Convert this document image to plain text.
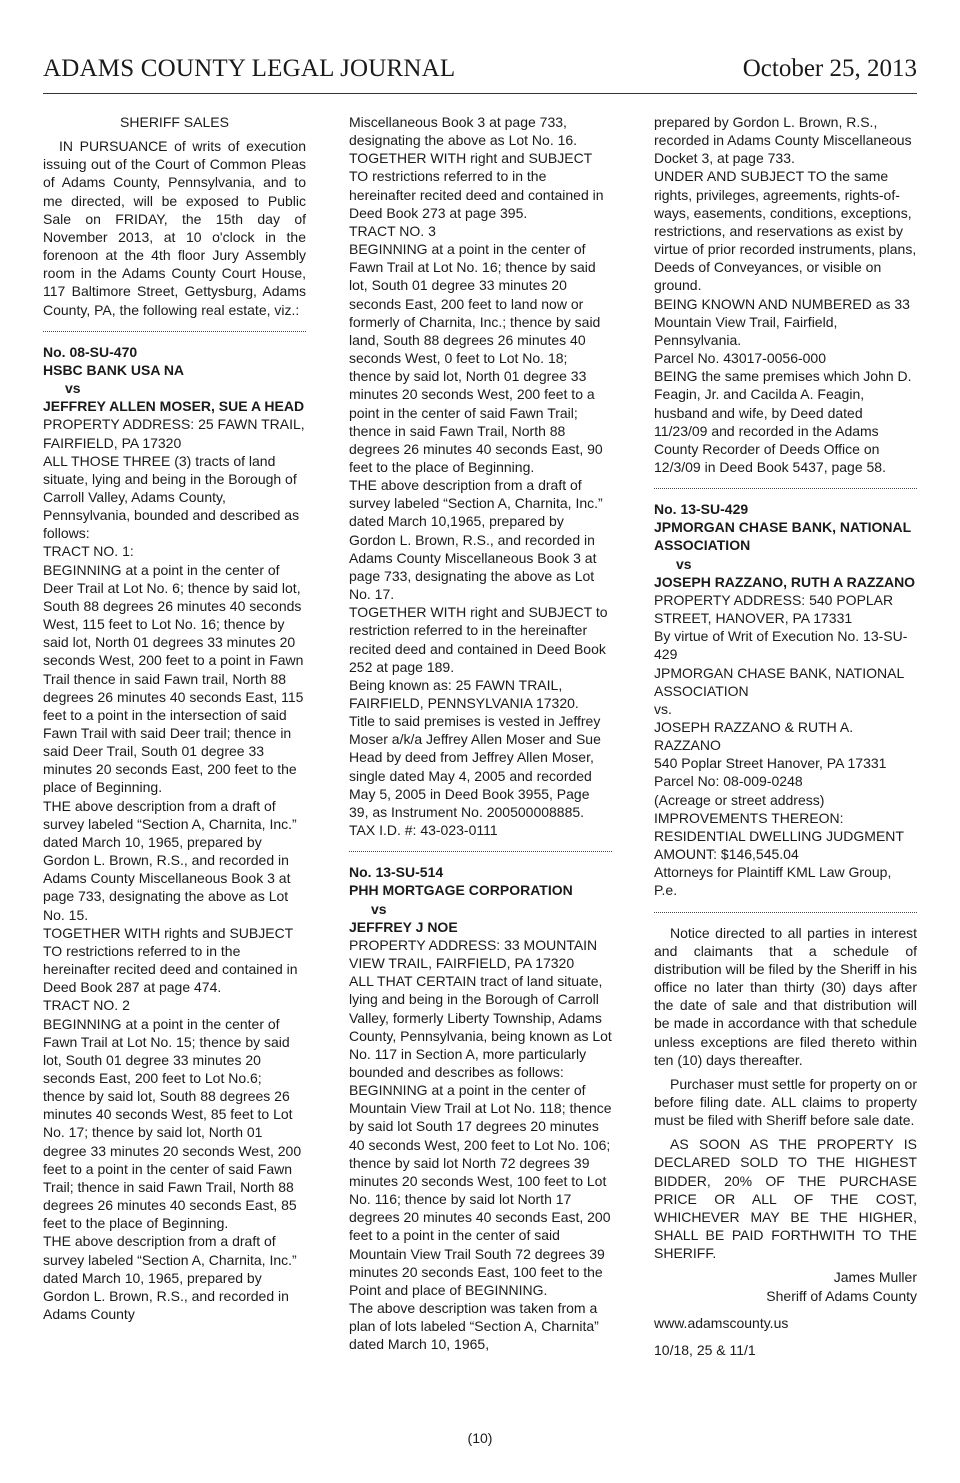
ADAMS COUNTY LEGAL JOURNAL	October 25, 2013

SHERIFF SALES

IN PURSUANCE of writs of execution issuing out of the Court of Common Pleas of Adams County, Pennsylvania, and to me directed, will be exposed to Public Sale on FRIDAY, the 15th day of November 2013, at 10 o'clock in the forenoon at the 4th floor Jury Assembly room in the Adams County Court House, 117 Baltimore Street, Gettysburg, Adams County, PA, the following real estate, viz.:

No. 08-SU-470

HSBC BANK USA NA

vs

JEFFREY ALLEN MOSER, SUE A HEAD

PROPERTY ADDRESS: 25 FAWN TRAIL, FAIRFIELD, PA 17320

ALL THOSE THREE (3) tracts of land situate, lying and being in the Borough of Carroll Valley, Adams County, Pennsylvania, bounded and described as follows:

TRACT NO. 1:

BEGINNING at a point in the center of Deer Trail at Lot No. 6; thence by said lot, South 88 degrees 26 minutes 40 seconds West, 115 feet to Lot No. 16; thence by said lot, North 01 degrees 33 minutes 20 seconds West, 200 feet to a point in Fawn Trail thence in said Fawn trail, North 88 degrees 26 minutes 40 seconds East, 115 feet to a point in the intersection of said Fawn Trail with said Deer trail; thence in said Deer Trail, South 01 degree 33 minutes 20 seconds East, 200 feet to the place of Beginning.

THE above description from a draft of survey labeled “Section A, Charnita, Inc.” dated March 10, 1965, prepared by Gordon L. Brown, R.S., and recorded in Adams County Miscellaneous Book 3 at page 733, designating the above as Lot No. 15.

TOGETHER WITH rights and SUBJECT TO restrictions referred to in the hereinafter recited deed and contained in Deed Book 287 at page 474.

TRACT NO. 2

BEGINNING at a point in the center of Fawn Trail at Lot No. 15; thence by said lot, South 01 degree 33 minutes 20 seconds East, 200 feet to Lot No.6; thence by said lot, South 88 degrees 26 minutes 40 seconds West, 85 feet to Lot No. 17; thence by said lot, North 01 degree 33 minutes 20 seconds West, 200 feet to a point in the center of said Fawn Trail; thence in said Fawn Trail, North 88 degrees 26 minutes 40 seconds East, 85 feet to the place of Beginning.

THE above description from a draft of survey labeled “Section A, Charnita, Inc.” dated March 10, 1965, prepared by Gordon L. Brown, R.S., and recorded in Adams County

Miscellaneous Book 3 at page 733, designating the above as Lot No. 16.

TOGETHER WITH right and SUBJECT TO restrictions referred to in the hereinafter recited deed and contained in Deed Book 273 at page 395.

TRACT NO. 3

BEGINNING at a point in the center of Fawn Trail at Lot No. 16; thence by said lot, South 01 degree 33 minutes 20 seconds East, 200 feet to land now or formerly of Charnita, Inc.; thence by said land, South 88 degrees 26 minutes 40 seconds West, 0 feet to Lot No. 18; thence by said lot, North 01 degree 33 minutes 20 seconds West, 200 feet to a point in the center of said Fawn Trail; thence in said Fawn Trail, North 88 degrees 26 minutes 40 seconds East, 90 feet to the place of Beginning.

THE above description from a draft of survey labeled “Section A, Charnita, Inc.” dated March 10,1965, prepared by Gordon L. Brown, R.S., and recorded in Adams County Miscellaneous Book 3 at page 733, designating the above as Lot No. 17.

TOGETHER WITH right and SUBJECT to restriction referred to in the hereinafter recited deed and contained in Deed Book 252 at page 189.

Being known as: 25 FAWN TRAIL, FAIRFIELD, PENNSYLVANIA 17320.

Title to said premises is vested in Jeffrey Moser a/k/a Jeffrey Allen Moser and Sue Head by deed from Jeffrey Allen Moser, single dated May 4, 2005 and recorded May 5, 2005 in Deed Book 3955, Page 39, as Instrument No. 200500008885.

TAX I.D. #: 43-023-0111

No. 13-SU-514

PHH MORTGAGE CORPORATION

vs

JEFFREY J NOE

PROPERTY ADDRESS: 33 MOUNTAIN VIEW TRAIL, FAIRFIELD, PA 17320

ALL THAT CERTAIN tract of land situate, lying and being in the Borough of Carroll Valley, formerly Liberty Township, Adams County, Pennsylvania, being known as Lot No. 117 in Section A, more particularly bounded and describes as follows:

BEGINNING at a point in the center of Mountain View Trail at Lot No. 118; thence by said lot South 17 degrees 20 minutes 40 seconds West, 200 feet to Lot No. 106; thence by said lot North 72 degrees 39 minutes 20 seconds West, 100 feet to Lot No. 116; thence by said lot North 17 degrees 20 minutes 40 seconds East, 200 feet to a point in the center of said Mountain View Trail South 72 degrees 39 minutes 20 seconds East, 100 feet to the Point and place of BEGINNING.

The above description was taken from a plan of lots labeled “Section A, Charnita” dated March 10, 1965,

prepared by Gordon L. Brown, R.S., recorded in Adams County Miscellaneous Docket 3, at page 733.

UNDER AND SUBJECT TO the same rights, privileges, agreements, rights-of-ways, easements, conditions, exceptions, restrictions, and reservations as exist by virtue of prior recorded instruments, plans, Deeds of Conveyances, or visible on ground.

BEING KNOWN AND NUMBERED as 33 Mountain View Trail, Fairfield, Pennsylvania.

Parcel No. 43017-0056-000

BEING the same premises which John D. Feagin, Jr. and Cacilda A. Feagin, husband and wife, by Deed dated 11/23/09 and recorded in the Adams County Recorder of Deeds Office on 12/3/09 in Deed Book 5437, page 58.

No. 13-SU-429

JPMORGAN CHASE BANK, NATIONAL ASSOCIATION

vs

JOSEPH RAZZANO, RUTH A RAZZANO

PROPERTY ADDRESS: 540 POPLAR STREET, HANOVER, PA 17331

By virtue of Writ of Execution No. 13-SU-429

JPMORGAN CHASE BANK, NATIONAL ASSOCIATION

vs.

JOSEPH RAZZANO & RUTH A. RAZZANO

540 Poplar Street Hanover, PA 17331

Parcel No: 08-009-0248

(Acreage or street address)

IMPROVEMENTS THEREON: RESIDENTIAL DWELLING JUDGMENT AMOUNT: $146,545.04

Attorneys for Plaintiff KML Law Group, P.e.

Notice directed to all parties in interest and claimants that a schedule of distribution will be filed by the Sheriff in his office no later than thirty (30) days after the date of sale and that distribution will be made in accordance with that schedule unless exceptions are filed thereto within ten (10) days thereafter.

Purchaser must settle for property on or before filing date. ALL claims to property must be filed with Sheriff before sale date.

AS SOON AS THE PROPERTY IS DECLARED SOLD TO THE HIGHEST BIDDER, 20% OF THE PURCHASE PRICE OR ALL OF THE COST, WHICHEVER MAY BE THE HIGHER, SHALL BE PAID FORTHWITH TO THE SHERIFF.

James Muller

Sheriff of Adams County

www.adamscounty.us

10/18, 25 & 11/1

(10)
